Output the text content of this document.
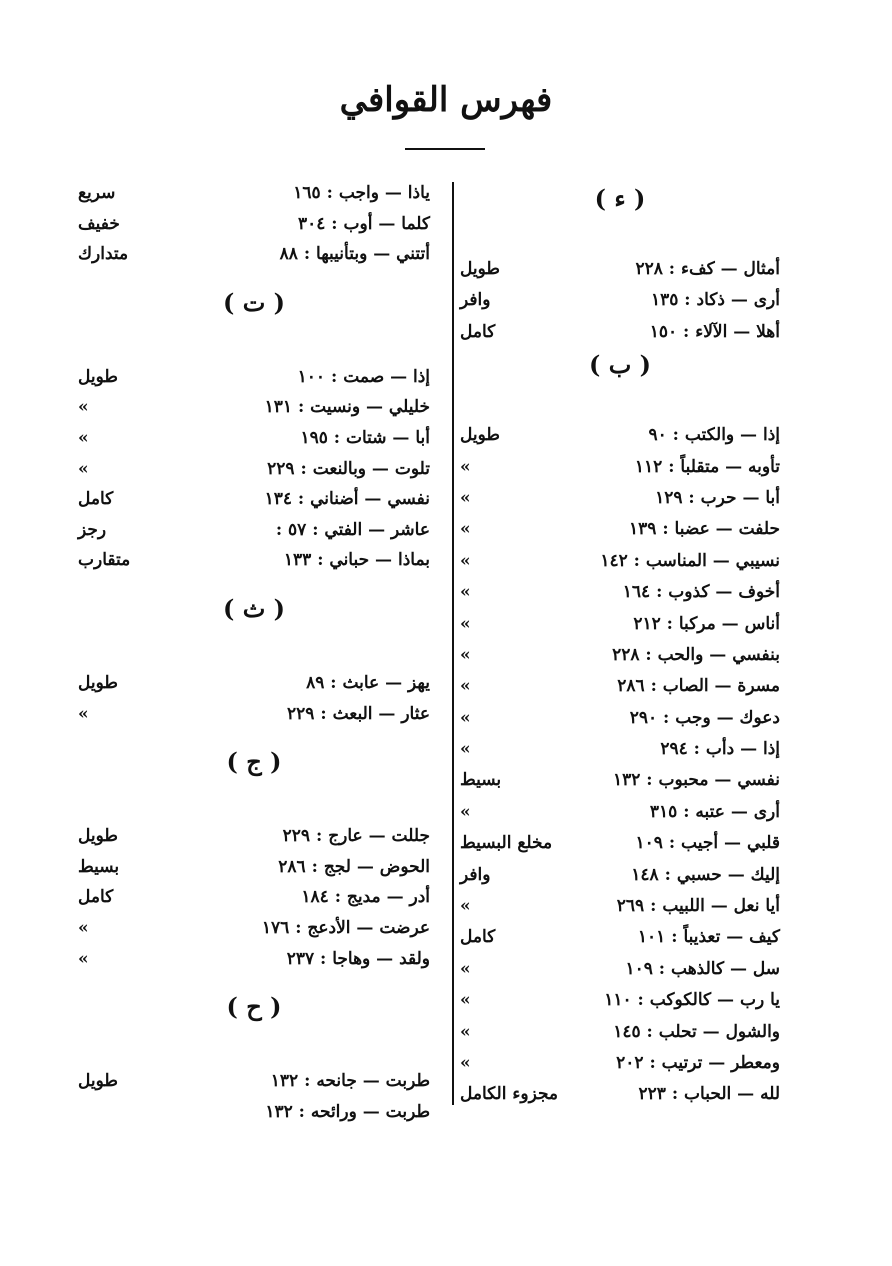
فهرس القوافي
( ء )
أمثال — كفء : ٢٢٨
طويل
أرى — ذكاد : ١٣٥
وافر
أهلا — الآلاء : ١٥٠
كامل
( ب )
إذا — والكتب : ٩٠
طويل
تأوبه — متقلباً : ١١٢
»
أبا — حرب : ١٢٩
»
حلفت — عضبا : ١٣٩
»
نسيبي — المناسب : ١٤٢
»
أخوف — كذوب : ١٦٤
»
أناس — مركبا : ٢١٢
»
بنفسي — والحب : ٢٢٨
»
مسرة — الصاب : ٢٨٦
»
دعوك — وجب : ٢٩٠
»
إذا — دأب : ٢٩٤
»
نفسي — محبوب : ١٣٢
بسيط
أرى — عتبه : ٣١٥
»
قلبي — أجيب : ١٠٩
مخلع البسيط
إليك — حسبي : ١٤٨
وافر
أيا نعل — اللبيب : ٢٦٩
»
كيف — تعذيباً : ١٠١
كامل
سل — كالذهب : ١٠٩
»
يا رب — كالكوكب : ١١٠
»
والشول — تحلب : ١٤٥
»
ومعطر — ترتيب : ٢٠٢
»
لله — الحباب : ٢٢٣
مجزوء الكامل
يا‌ذا — واجب : ١٦٥
سريع
كلما — أوب : ٣٠٤
خفيف
أتتني — وبتأنيبها : ٨٨
متدارك
( ت )
إذا — صمت : ١٠٠
طويل
خليلي — ونسيت : ١٣١
»
أبا — شتات : ١٩٥
»
تلوت — وبالنعت : ٢٢٩
»
نفسي — أضناني : ١٣٤
كامل
عاشر — الفتي : ٥٧ :
رجز
بماذا — حباني : ١٣٣
متقارب
( ث )
يهز — عابث : ٨٩
طويل
عثار — البعث : ٢٢٩
»
( ج )
جللت — عارج : ٢٢٩
طويل
الحوض — لجج : ٢٨٦
بسيط
أدر — مديج : ١٨٤
كامل
عرضت — الأدعج : ١٧٦
»
ولقد — وهاجا : ٢٣٧
»
( ح )
طربت — جانحه : ١٣٢
طويل
طربت — ورائحه : ١٣٢
